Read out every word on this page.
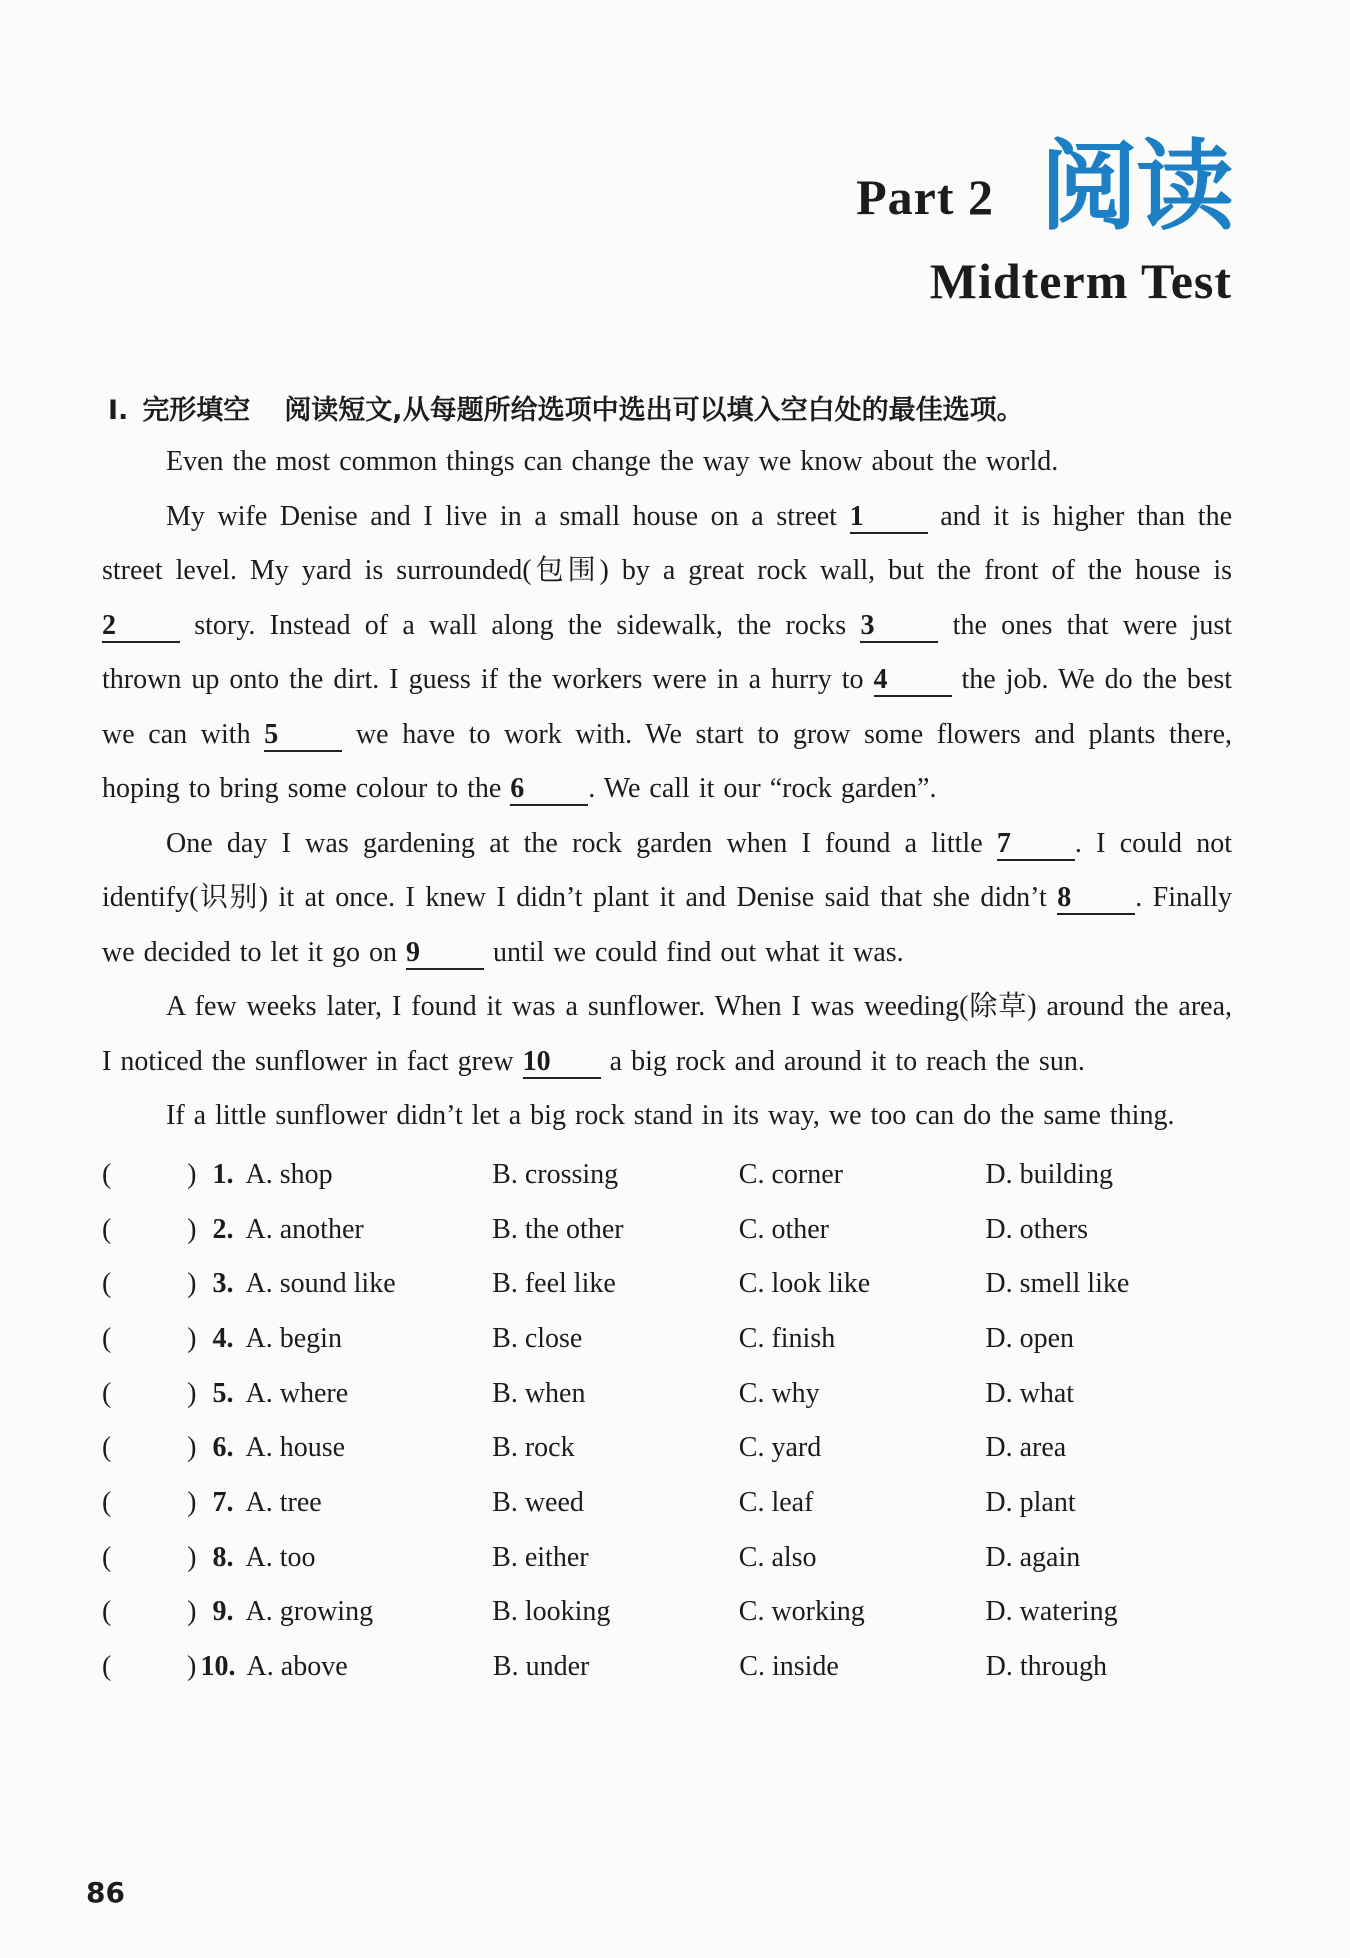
Part 2 阅读
Midterm Test
I. 完形填空 阅读短文,从每题所给选项中选出可以填入空白处的最佳选项。

Even the most common things can change the way we know about the world.

My wife Denise and I live in a small house on a street 1 and it is higher than the street level. My yard is surrounded(包围) by a great rock wall, but the front of the house is 2 story. Instead of a wall along the sidewalk, the rocks 3 the ones that were just thrown up onto the dirt. I guess if the workers were in a hurry to 4 the job. We do the best we can with 5 we have to work with. We start to grow some flowers and plants there, hoping to bring some colour to the 6 . We call it our “rock garden”.

One day I was gardening at the rock garden when I found a little 7 . I could not identify(识别) it at once. I knew I didn’t plant it and Denise said that she didn’t 8 . Finally we decided to let it go on 9 until we could find out what it was.

A few weeks later, I found it was a sunflower. When I was weeding(除草) around the area, I noticed the sunflower in fact grew 10 a big rock and around it to reach the sun.

If a little sunflower didn’t let a big rock stand in its way, we too can do the same thing.

(	) 1. A. shop	B. crossing	C. corner	D. building
(	) 2. A. another	B. the other	C. other	D. others
(	) 3. A. sound like	B. feel like	C. look like	D. smell like
(	) 4. A. begin	B. close	C. finish	D. open
(	) 5. A. where	B. when	C. why	D. what
(	) 6. A. house	B. rock	C. yard	D. area
(	) 7. A. tree	B. weed	C. leaf	D. plant
(	) 8. A. too	B. either	C. also	D. again
(	) 9. A. growing	B. looking	C. working	D. watering
(	) 10. A. above	B. under	C. inside	D. through
86
